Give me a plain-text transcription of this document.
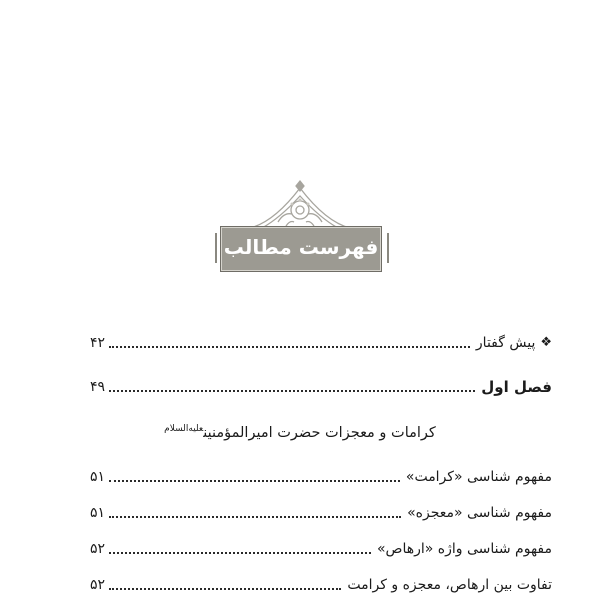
فهرست مطالب
❖پیش گفتار
۴۲
فصل اول
۴۹
کرامات و معجزات حضرت امیرالمؤمنین$^{عليه‌السلام}$
مفهوم شناسی «کرامت»
۵۱
مفهوم شناسی «معجزه»
۵۱
مفهوم شناسی واژه «ارهاص»
۵۲
تفاوت بین ارهاص، معجزه و کرامت
۵۲
